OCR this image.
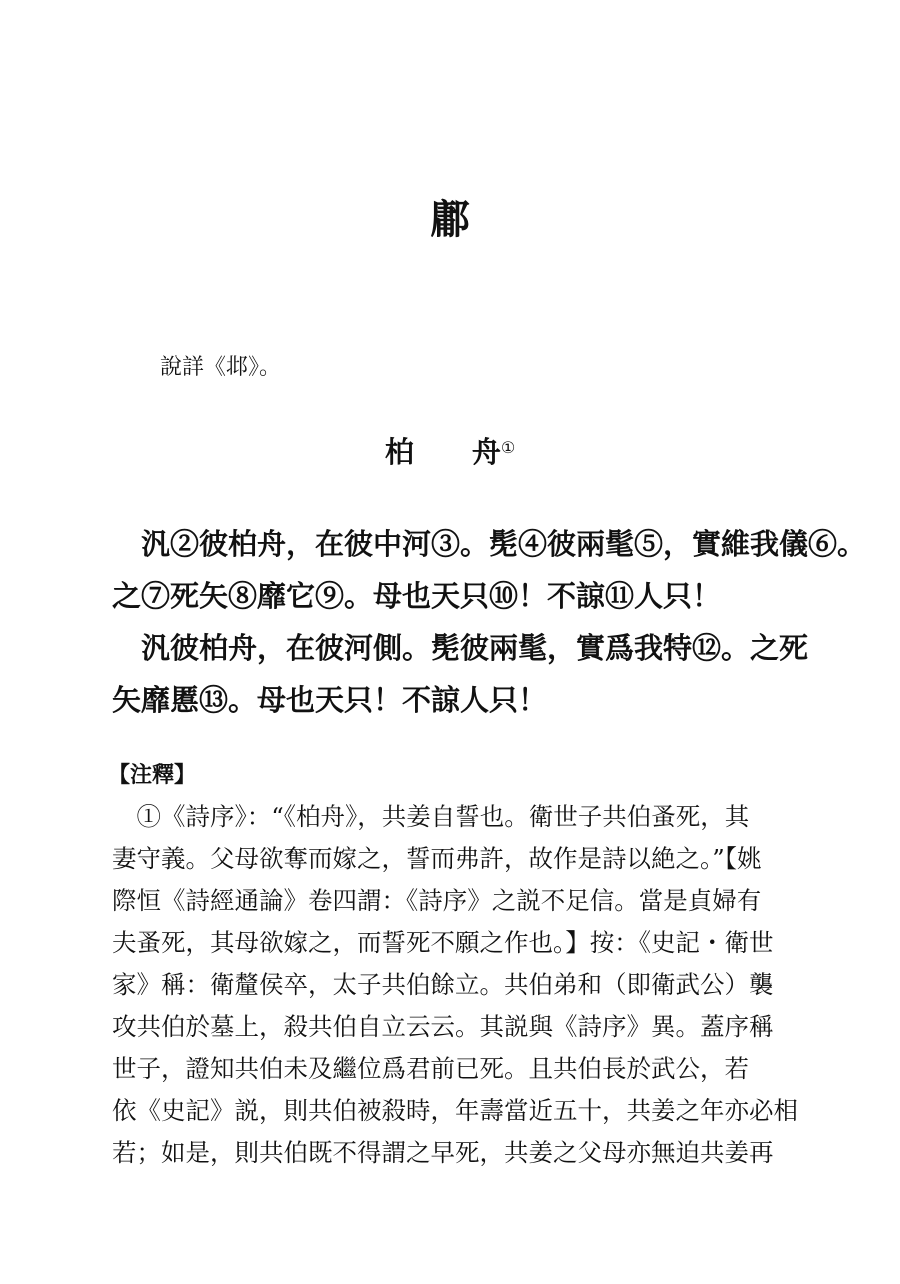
鄘
說詳《邶》。
柏　　舟①
　汎②彼柏舟，在彼中河③。髧④彼兩髦⑤，實維我儀⑥。
之⑦死矢⑧靡它⑨。母也天只⑩！不諒⑪人只！
　汎彼柏舟，在彼河側。髧彼兩髦，實爲我特⑫。之死
矢靡慝⑬。母也天只！不諒人只！
【注釋】
　①《詩序》：“《柏舟》，共姜自誓也。衛世子共伯蚤死，其
妻守義。父母欲奪而嫁之，誓而弗許，故作是詩以絶之。”【姚
際恒《詩經通論》卷四謂：《詩序》之説不足信。當是貞婦有
夫蚤死，其母欲嫁之，而誓死不願之作也。】按：《史記・衛世
家》稱：衛釐侯卒，太子共伯餘立。共伯弟和（即衛武公）襲
攻共伯於墓上，殺共伯自立云云。其説與《詩序》異。蓋序稱
世子，證知共伯未及繼位爲君前已死。且共伯長於武公，若
依《史記》説，則共伯被殺時，年壽當近五十，共姜之年亦必相
若；如是，則共伯既不得謂之早死，共姜之父母亦無迫共姜再
